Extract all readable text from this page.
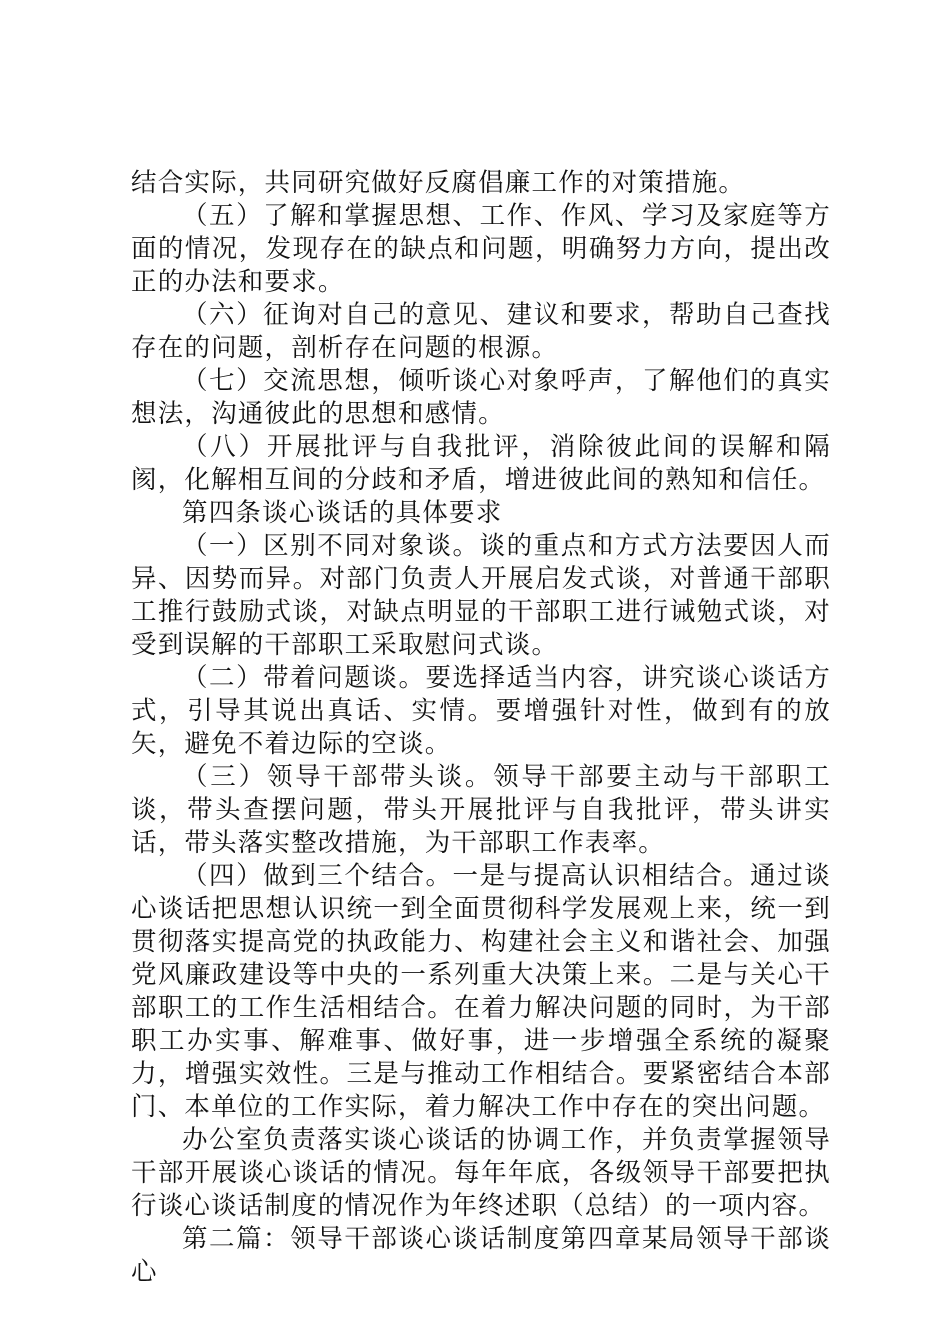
结合实际，共同研究做好反腐倡廉工作的对策措施。

（五）了解和掌握思想、工作、作风、学习及家庭等方面的情况，发现存在的缺点和问题，明确努力方向，提出改正的办法和要求。

（六）征询对自己的意见、建议和要求，帮助自己查找存在的问题，剖析存在问题的根源。

（七）交流思想，倾听谈心对象呼声，了解他们的真实想法，沟通彼此的思想和感情。

（八）开展批评与自我批评，消除彼此间的误解和隔阂，化解相互间的分歧和矛盾，增进彼此间的熟知和信任。

第四条谈心谈话的具体要求

（一）区别不同对象谈。谈的重点和方式方法要因人而异、因势而异。对部门负责人开展启发式谈，对普通干部职工推行鼓励式谈，对缺点明显的干部职工进行诫勉式谈，对受到误解的干部职工采取慰问式谈。

（二）带着问题谈。要选择适当内容，讲究谈心谈话方式，引导其说出真话、实情。要增强针对性，做到有的放矢，避免不着边际的空谈。

（三）领导干部带头谈。领导干部要主动与干部职工谈，带头查摆问题，带头开展批评与自我批评，带头讲实话，带头落实整改措施，为干部职工作表率。

（四）做到三个结合。一是与提高认识相结合。通过谈心谈话把思想认识统一到全面贯彻科学发展观上来，统一到贯彻落实提高党的执政能力、构建社会主义和谐社会、加强党风廉政建设等中央的一系列重大决策上来。二是与关心干部职工的工作生活相结合。在着力解决问题的同时，为干部职工办实事、解难事、做好事，进一步增强全系统的凝聚力，增强实效性。三是与推动工作相结合。要紧密结合本部门、本单位的工作实际，着力解决工作中存在的突出问题。

办公室负责落实谈心谈话的协调工作，并负责掌握领导干部开展谈心谈话的情况。每年年底，各级领导干部要把执行谈心谈话制度的情况作为年终述职（总结）的一项内容。

第二篇：领导干部谈心谈话制度第四章某局领导干部谈心
